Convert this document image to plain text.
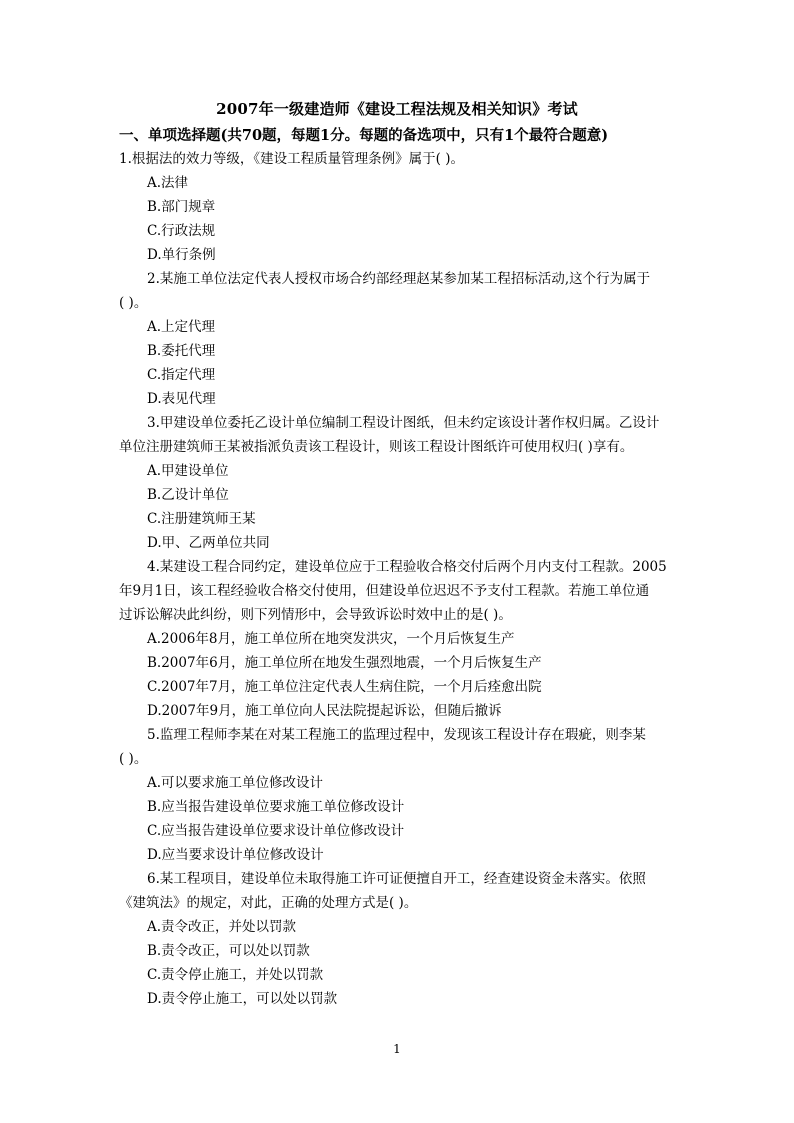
2007年一级建造师《建设工程法规及相关知识》考试
一、单项选择题(共70题，每题1分。每题的备选项中，只有1个最符合题意)
1.根据法的效力等级，《建设工程质量管理条例》属于( )。
A.法律
B.部门规章
C.行政法规
D.单行条例
2.某施工单位法定代表人授权市场合约部经理赵某参加某工程招标活动,这个行为属于
( )。
A.上定代理
B.委托代理
C.指定代理
D.表见代理
3.甲建设单位委托乙设计单位编制工程设计图纸，但未约定该设计著作权归属。乙设计
单位注册建筑师王某被指派负责该工程设计，则该工程设计图纸许可使用权归( )享有。
A.甲建设单位
B.乙设计单位
C.注册建筑师王某
D.甲、乙两单位共同
4.某建设工程合同约定，建设单位应于工程验收合格交付后两个月内支付工程款。2005
年9月1日，该工程经验收合格交付使用，但建设单位迟迟不予支付工程款。若施工单位通
过诉讼解决此纠纷，则下列情形中，会导致诉讼时效中止的是( )。
A.2006年8月，施工单位所在地突发洪灾，一个月后恢复生产
B.2007年6月，施工单位所在地发生强烈地震，一个月后恢复生产
C.2007年7月，施工单位注定代表人生病住院，一个月后痊愈出院
D.2007年9月，施工单位向人民法院提起诉讼，但随后撤诉
5.监理工程师李某在对某工程施工的监理过程中，发现该工程设计存在瑕疵，则李某
( )。
A.可以要求施工单位修改设计
B.应当报告建设单位要求施工单位修改设计
C.应当报告建设单位要求设计单位修改设计
D.应当要求设计单位修改设计
6.某工程项目，建设单位未取得施工许可证便擅自开工，经查建设资金未落实。依照
《建筑法》的规定，对此，正确的处理方式是( )。
A.责令改正，并处以罚款
B.责令改正，可以处以罚款
C.责令停止施工，并处以罚款
D.责令停止施工，可以处以罚款
1
